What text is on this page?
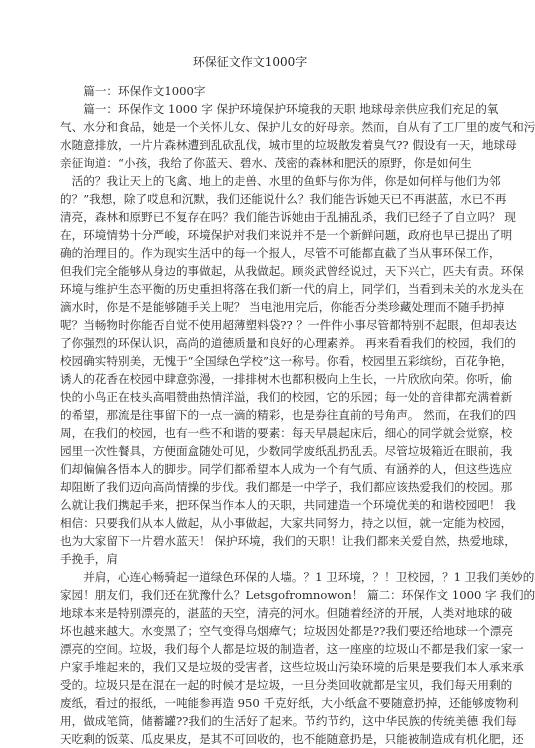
环保征文作文1000字
　　篇一：环保作文1000字
　　篇一：环保作文 1000 字 保护环境保护环境我的天职 地球母亲供应我们充足的氧
气、水分和食品，她是一个关怀儿女、保护儿女的好母亲。然而，自从有了工厂里的废气和污
水随意排放，一片片森林遭到乱砍乱伐，城市里的垃圾散发着臭气?? 假设有一天，地球母
亲征询道：“小孩，我给了你蓝天、碧水、茂密的森林和肥沃的原野，你是如何生
　活的？我让天上的飞禽、地上的走兽、水里的鱼虾与你为伴，你是如何样与他们为邻
的？”我想，除了哎息和沉默，我们还能说什么？我们能告诉她天已不再湛蓝，水已不再
清亮，森林和原野已不复存在吗？我们能告诉她由于乱捕乱杀，我们已经子了自立吗？ 现
在，环境情势十分严峻，环境保护对我们来说并不是一个新鲜问题，政府也早已提出了明
确的治理目的。作为现实生活中的每一个报人，尽管不可能都直截了当从事环保工作，
但我们完全能够从身边的事做起，从我做起。顾炎武曾经说过，天下兴亡，匹夫有责。环保
环境与维护生态平衡的历史重担将落在我们新一代的肩上，同学们，当看到未关的水龙头在
滴水时，你是不是能够随手关上呢？ 当电池用完后，你能否分类珍藏处理而不随手扔掉
呢？当畅物时你能否自觉不使用超薄塑料袋?? ？一件件小事尽管都特别不起眼，但却表达
了你强烈的环保认识，高尚的道德质量和良好的心理素养。 再来看看我们的校园，我们的
校园确实特别美，无愧于“全国绿色学校”这一称号。你看，校园里五彩缤纷，百花争艳，
诱人的花香在校园中肆意弥漫，一排排树木也都积极向上生长，一片欣欣向荣。你听，偷
快的小鸟正在枝头高唱赞曲热情洋溢，我们的校园，它的乐园；每一处的音律都充满着新
的希望，那流是往事留下的一点一滴的精彩，也是券往直前的号角声。 然而，在我们的四
周，在我们的校园，也有一些不和谐的要素：每天早晨起床后，细心的同学就会觉察，校
园里一次性餐具，方便面盒随处可见，少数同学废纸乱扔乱丢。尽管垃圾箱近在眼前，我
们却偏偏各悟本人的脚步。同学们都希望本人成为一个有气质、有涵养的人，但这些选应
却阻断了我们迈向高尚情操的步伐。我们都是一中学子，我们都应该热爱我们的校园。那
么就让我们携起手来，把环保当作本人的天职，共同建造一个环境优美的和谐校园吧！ 我
相信：只要我们从本人做起，从小事做起，大家共同努力，持之以恒，就一定能为校园，
也为大家留下一片碧水蓝天！ 保护环境，我们的天职！让我们都来关爱自然，热爱地球，
手挽手，肩
　　并肩，心连心畅骑起一道绿色环保的人墙。？1 卫环境，？！卫校园，？1 卫我们美妙的
家园！朋友们，我们还在犹豫什么？Letsgofromnowon！ 篇二：环保作文 1000 字 我们的
地球本来是特别漂亮的，湛蓝的天空，清亮的河水。但随着经济的开展，人类对地球的破
坏也越来越大。水变黑了；空气变得乌烟瘴气；垃圾因处都是??我们要还给地球一个漂亮
漂亮的空间。垃圾，我们每个人都是垃圾的制造者，这一座座的垃圾山不都是我们家一家一
户家手堆起来的，我们又是垃圾的受害者，这些垃圾山污染环境的后果是要我们本人承来承
受的。垃圾只是在混在一起的时候才是垃圾，一旦分类回收就都是宝贝，我们每天用剩的
废纸，看过的报纸，一吨能参再造 950 千克好纸，大小纸盒不要随意扔掉，还能够废物利
用，做成笔筒，储蓄罐??我们的生活好了起来。节约节约，这中华民族的传统美德 我们每
天吃剩的饭菜、瓜皮果皮，是其不可回收的，也不能随意扔是，只能被制造成有机化肥，还
